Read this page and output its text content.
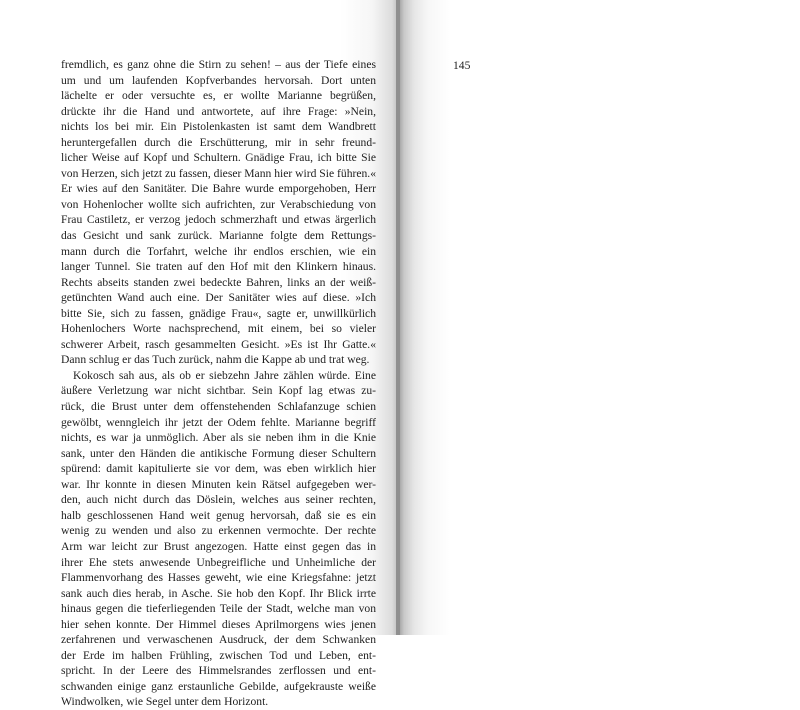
fremdlich, es ganz ohne die Stirn zu sehen! – aus der Tiefe eines
um und um laufenden Kopfverbandes hervorsah. Dort unten
lächelte er oder versuchte es, er wollte Marianne begrüßen,
drückte ihr die Hand und antwortete, auf ihre Frage: »Nein,
nichts los bei mir. Ein Pistolenkasten ist samt dem Wandbrett
heruntergefallen durch die Erschütterung, mir in sehr freund-
licher Weise auf Kopf und Schultern. Gnädige Frau, ich bitte Sie
von Herzen, sich jetzt zu fassen, dieser Mann hier wird Sie führen.«
Er wies auf den Sanitäter. Die Bahre wurde emporgehoben, Herr
von Hohenlocher wollte sich aufrichten, zur Verabschiedung von
Frau Castiletz, er verzog jedoch schmerzhaft und etwas ärgerlich
das Gesicht und sank zurück. Marianne folgte dem Rettungs-
mann durch die Torfahrt, welche ihr endlos erschien, wie ein
langer Tunnel. Sie traten auf den Hof mit den Klinkern hinaus.
Rechts abseits standen zwei bedeckte Bahren, links an der weiß-
getünchten Wand auch eine. Der Sanitäter wies auf diese. »Ich
bitte Sie, sich zu fassen, gnädige Frau«, sagte er, unwillkürlich
Hohenlochers Worte nachsprechend, mit einem, bei so vieler
schwerer Arbeit, rasch gesammelten Gesicht. »Es ist Ihr Gatte.«
Dann schlug er das Tuch zurück, nahm die Kappe ab und trat weg.
Kokosch sah aus, als ob er siebzehn Jahre zählen würde. Eine
äußere Verletzung war nicht sichtbar. Sein Kopf lag etwas zu-
rück, die Brust unter dem offenstehenden Schlafanzuge schien
gewölbt, wenngleich ihr jetzt der Odem fehlte. Marianne begriff
nichts, es war ja unmöglich. Aber als sie neben ihm in die Knie
sank, unter den Händen die antikische Formung dieser Schultern
spürend: damit kapitulierte sie vor dem, was eben wirklich hier
war. Ihr konnte in diesen Minuten kein Rätsel aufgegeben wer-
den, auch nicht durch das Döslein, welches aus seiner rechten,
halb geschlossenen Hand weit genug hervorsah, daß sie es ein
wenig zu wenden und also zu erkennen vermochte. Der rechte
Arm war leicht zur Brust angezogen. Hatte einst gegen das in
ihrer Ehe stets anwesende Unbegreifliche und Unheimliche der
Flammenvorhang des Hasses geweht, wie eine Kriegsfahne: jetzt
sank auch dies herab, in Asche. Sie hob den Kopf. Ihr Blick irrte
hinaus gegen die tieferliegenden Teile der Stadt, welche man von
hier sehen konnte. Der Himmel dieses Aprilmorgens wies jenen
zerfahrenen und verwaschenen Ausdruck, der dem Schwanken
der Erde im halben Frühling, zwischen Tod und Leben, ent-
spricht. In der Leere des Himmelsrandes zerflossen und ent-
schwanden einige ganz erstaunliche Gebilde, aufgekrauste weiße
Windwolken, wie Segel unter dem Horizont.
145
